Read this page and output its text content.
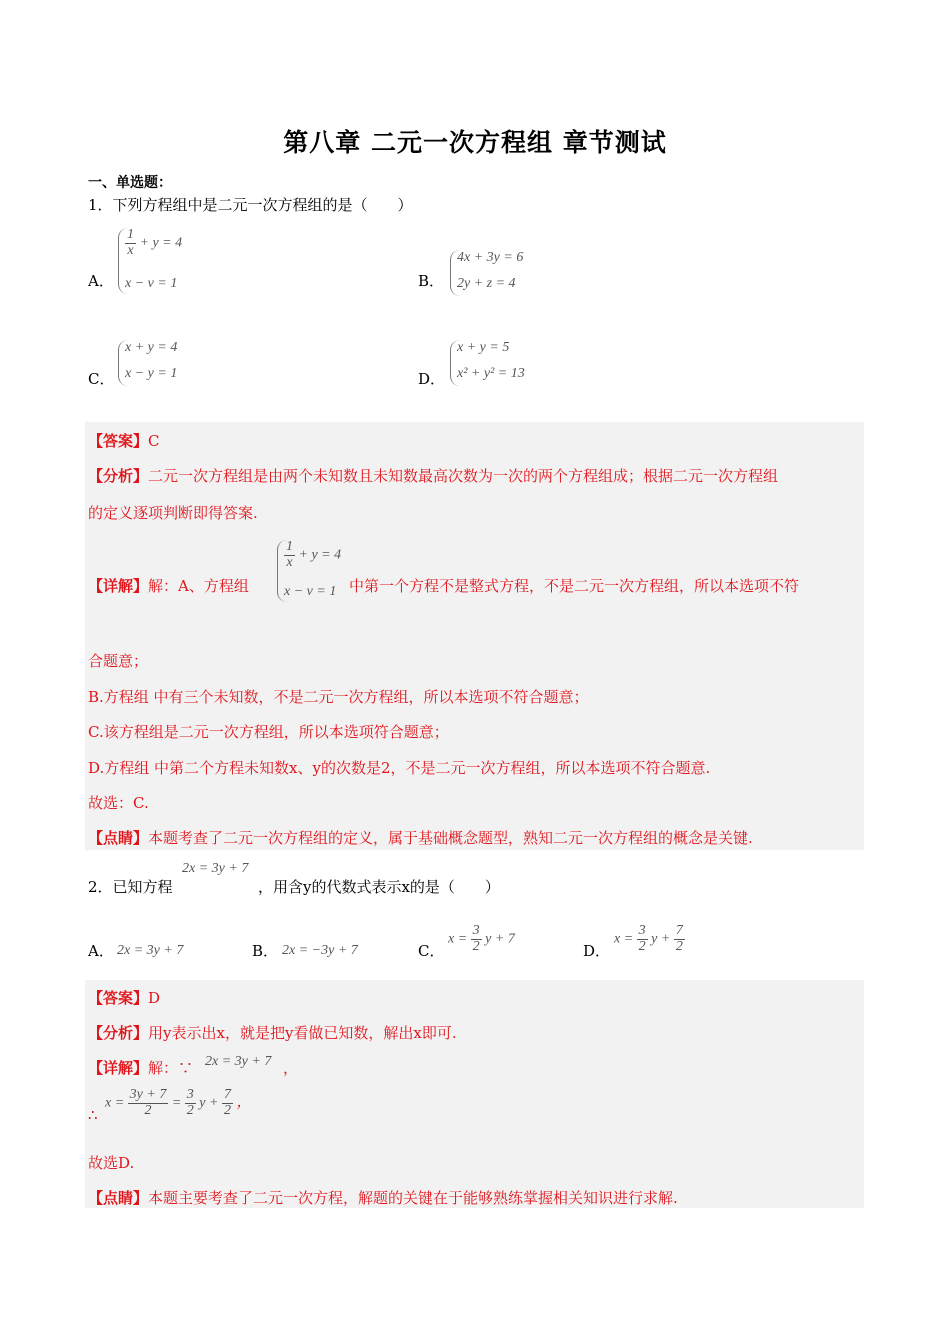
第八章 二元一次方程组 章节测试
一、单选题：
1．下列方程组中是二元一次方程组的是（　　）
A．
$\frac{1}{x} + y = 4$
x − v = 1	B．
4x + 3y = 6
2y + z = 4
C．
x + y = 4
x − y = 1	D．
x + y = 5
x² + y² = 13
【答案】C
【分析】二元一次方程组是由两个未知数且未知数最高次数为一次的两个方程组成；根据二元一次方程组
的定义逐项判断即得答案.
【详解】解：A、方程组
$\frac{1}{x} + y = 4$
x − v = 1 中第一个方程不是整式方程，不是二元一次方程组，所以本选项不符
合题意；
B.方程组 中有三个未知数，不是二元一次方程组，所以本选项不符合题意；
C.该方程组是二元一次方程组，所以本选项符合题意；
D.方程组 中第二个方程未知数x、y的次数是2，不是二元一次方程组，所以本选项不符合题意.
故选：C.
【点睛】本题考查了二元一次方程组的定义，属于基础概念题型，熟知二元一次方程组的概念是关键.
2．已知方程
2x = 3y + 7
，用含y的代数式表示x的是（　　）
A． 2x = 3y + 7	B． 2x = −3y + 7	C．
$x = \frac{3}{2}$ y + 7
D．
$x = \frac{3}{2}$ $y + \frac{7}{2}$
【答案】D
【分析】用y表示出x，就是把y看做已知数，解出x即可.
【详解】解：∵ 2x = 3y + 7 ，
∴
$x = \frac{3y + 7}{2} = \frac{3}{2}$ $y + \frac{7}{2}$ ，
故选D.
【点睛】本题主要考查了二元一次方程，解题的关键在于能够熟练掌握相关知识进行求解.
